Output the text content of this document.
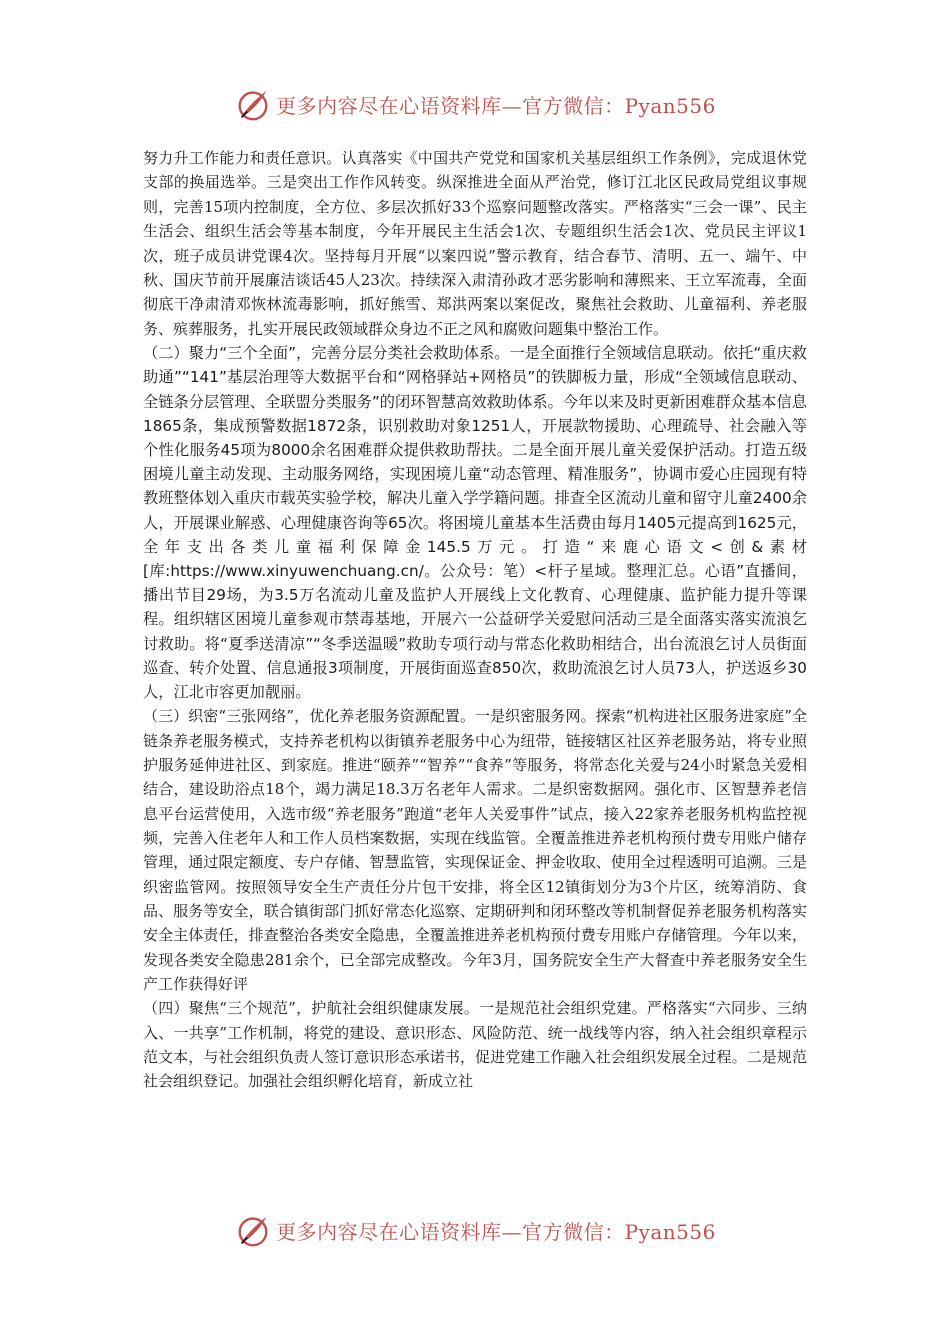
更多内容尽在心语资料库—官方微信：Pyan556

努力升工作能力和责任意识。认真落实《中国共产党党和国家机关基层组织工作条例》，完成退休党支部的换届选举。三是突出工作作风转变。纵深推进全面从严治党，修订江北区民政局党组议事规则，完善15项内控制度，全方位、多层次抓好33个巡察问题整改落实。严格落实“三会一课”、民主生活会、组织生活会等基本制度，今年开展民主生活会1次、专题组织生活会1次、党员民主评议1次，班子成员讲党课4次。坚持每月开展“以案四说”警示教育，结合春节、清明、五一、端午、中秋、国庆节前开展廉洁谈话45人23次。持续深入肃清孙政才恶劣影响和薄熙来、王立军流毒，全面彻底干净肃清邓恢林流毒影响，抓好熊雪、郑洪两案以案促改，聚焦社会救助、儿童福利、养老服务、殡葬服务，扎实开展民政领域群众身边不正之风和腐败问题集中整治工作。

（二）聚力“三个全面”，完善分层分类社会救助体系。一是全面推行全领域信息联动。依托“重庆救助通”“141”基层治理等大数据平台和“网格驿站+网格员”的铁脚板力量，形成“全领域信息联动、全链条分层管理、全联盟分类服务”的闭环智慧高效救助体系。今年以来及时更新困难群众基本信息1865条，集成预警数据1872条，识别救助对象1251人，开展款物援助、心理疏导、社会融入等个性化服务45项为8000余名困难群众提供救助帮扶。二是全面开展儿童关爱保护活动。打造五级困境儿童主动发现、主动服务网络，实现困境儿童“动态管理、精准服务”，协调市爱心庄园现有特教班整体划入重庆市载英实验学校，解决儿童入学学籍问题。排查全区流动儿童和留守儿童2400余人，开展课业解惑、心理健康咨询等65次。将困境儿童基本生活费由每月1405元提高到1625元，全年支出各类儿童福利保障金145.5万元。打造“来鹿心语文<创&素材[库:https://www.xinyuwenchuang.cn/。公众号：笔）<杆子星域。整理汇总。心语”直播间，播出节目29场，为3.5万名流动儿童及监护人开展线上文化教育、心理健康、监护能力提升等课程。组织辖区困境儿童参观市禁毒基地，开展六一公益研学关爱慰问活动三是全面落实落实流浪乞讨救助。将“夏季送清凉”“冬季送温暖”救助专项行动与常态化救助相结合，出台流浪乞讨人员街面巡查、转介处置、信息通报3项制度，开展街面巡查850次，救助流浪乞讨人员73人，护送返乡30人，江北市容更加靓丽。

（三）织密“三张网络”，优化养老服务资源配置。一是织密服务网。探索“机构进社区服务进家庭”全链条养老服务模式，支持养老机构以街镇养老服务中心为纽带，链接辖区社区养老服务站，将专业照护服务延伸进社区、到家庭。推进“颐养”“智养”“食养”等服务，将常态化关爱与24小时紧急关爱相结合，建设助浴点18个，竭力满足18.3万名老年人需求。二是织密数据网。强化市、区智慧养老信息平台运营使用，入选市级“养老服务”跑道“老年人关爱事件”试点，接入22家养老服务机构监控视频，完善入住老年人和工作人员档案数据，实现在线监管。全覆盖推进养老机构预付费专用账户储存管理，通过限定额度、专户存储、智慧监管，实现保证金、押金收取、使用全过程透明可追溯。三是织密监管网。按照领导安全生产责任分片包干安排，将全区12镇街划分为3个片区，统筹消防、食品、服务等安全，联合镇街部门抓好常态化巡察、定期研判和闭环整改等机制督促养老服务机构落实安全主体责任，排查整治各类安全隐患，全覆盖推进养老机构预付费专用账户存储管理。今年以来，发现各类安全隐患281余个，已全部完成整改。今年3月，国务院安全生产大督查中养老服务安全生产工作获得好评

（四）聚焦“三个规范”，护航社会组织健康发展。一是规范社会组织党建。严格落实“六同步、三纳入、一共享”工作机制，将党的建设、意识形态、风险防范、统一战线等内容，纳入社会组织章程示范文本，与社会组织负责人签订意识形态承诺书，促进党建工作融入社会组织发展全过程。二是规范社会组织登记。加强社会组织孵化培育，新成立社

更多内容尽在心语资料库—官方微信：Pyan556
